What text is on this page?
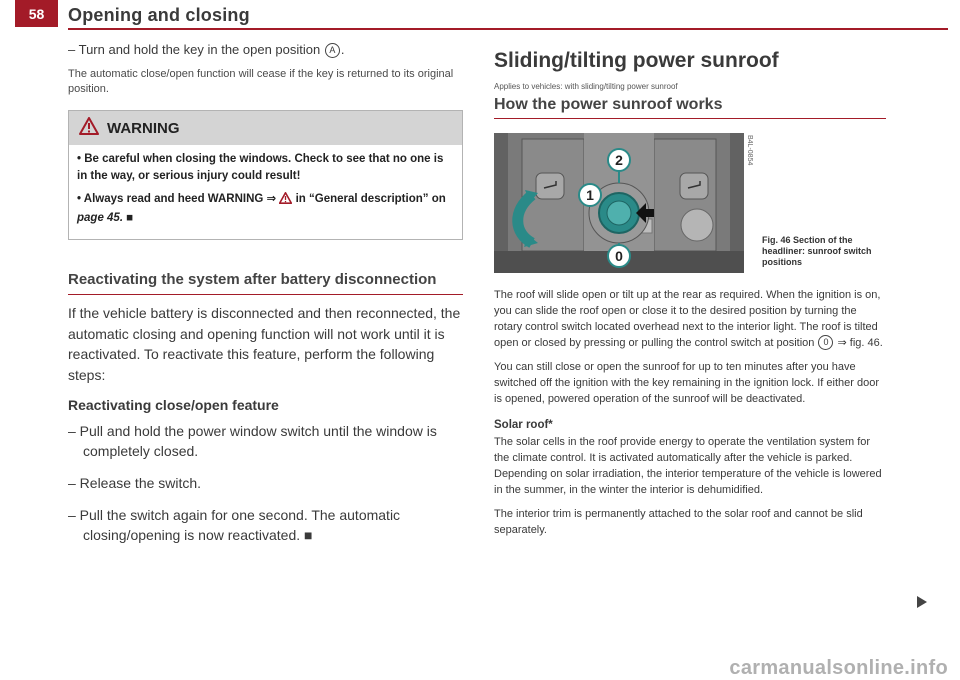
58	Opening and closing

– Turn and hold the key in the open position A .

The automatic close/open function will cease if the key is returned to its original position.

WARNING

• Be careful when closing the windows. Check to see that no one is in the way, or serious injury could result!

• Always read and heed WARNING ⇒  in “General description” on page 45. ■

Reactivating the system after battery disconnection

If the vehicle battery is disconnected and then reconnected, the automatic closing and opening function will not work until it is reactivated. To reactivate this feature, perform the following steps:

Reactivating close/open feature

– Pull and hold the power window switch until the window is completely closed.

– Release the switch.

– Pull the switch again for one second. The automatic closing/opening is now reactivated. ■

Sliding/tilting power sunroof
Applies to vehicles: with sliding/tilting power sunroof
How the power sunroof works
1
2
0
B4L-0854
Fig. 46 Section of the headliner: sunroof switch positions

The roof will slide open or tilt up at the rear as required. When the ignition is on, you can slide the roof open or close it to the desired position by turning the rotary control switch located overhead next to the interior light. The roof is tilted open or closed by pressing or pulling the control switch at position 0 ⇒ fig. 46.

You can still close or open the sunroof for up to ten minutes after you have switched off the ignition with the key remaining in the ignition lock. If either door is opened, powered operation of the sunroof will be deactivated.

Solar roof*

The solar cells in the roof provide energy to operate the ventilation system for the climate control. It is activated automatically after the vehicle is parked. Depending on solar irradiation, the interior temperature of the vehicle is lowered in the summer, in the winter the interior is dehumidified.

The interior trim is permanently attached to the solar roof and cannot be slid separately.

carmanualsonline.info
